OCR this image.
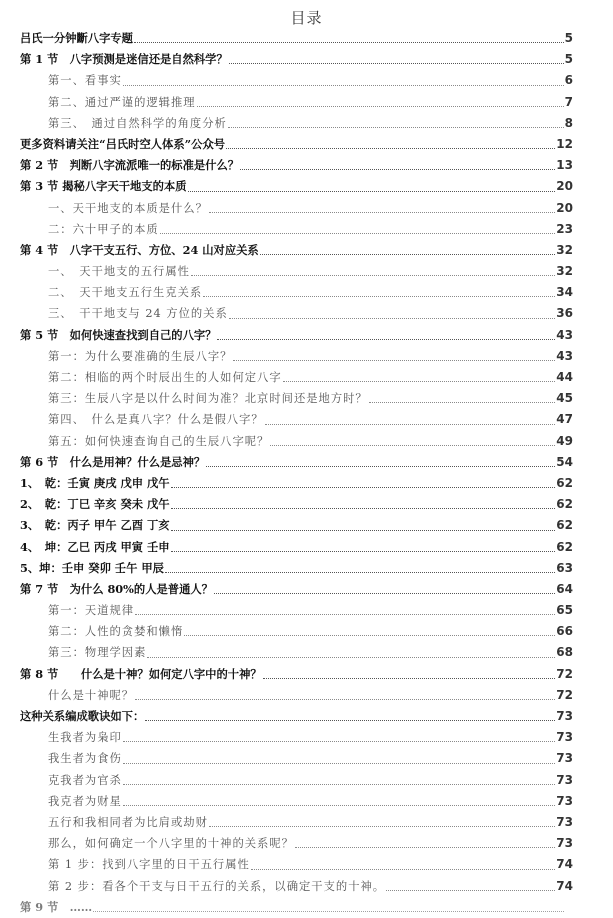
目录
吕氏一分钟斷八字专题	5
第 1 节　八字预测是迷信还是自然科学？	5
第一、看事实	6
第二、通过严谨的逻辑推理	7
第三、　通过自然科学的角度分析	8
更多资料请关注“吕氏时空人体系”公众号	12
第 2 节　判断八字流派唯一的标准是什么？	13
第 3 节 揭秘八字天干地支的本质	20
一、天干地支的本质是什么？	20
二：六十甲子的本质	23
第 4 节　八字干支五行、方位、24 山对应关系	32
一、　天干地支的五行属性	32
二、　天干地支五行生克关系	34
三、　干干地支与 24 方位的关系	36
第 5 节　如何快速查找到自己的八字？	43
第一：为什么要准确的生辰八字？	43
第二：相临的两个时辰出生的人如何定八字	44
第三：生辰八字是以什么时间为准？北京时间还是地方时？	45
第四、　什么是真八字？什么是假八字？	47
第五：如何快速查询自己的生辰八字呢？	49
第 6 节　什么是用神？什么是忌神？	54
1、　乾：壬寅 庚戌 戊申 戊午	62
2、　乾：丁巳 辛亥 癸未 戊午	62
3、　乾：丙子 甲午 乙酉 丁亥	62
4、　坤：乙巳 丙戌 甲寅 壬申	62
5、坤：壬申 癸卯 壬午 甲辰	63
第 7 节　为什么 80%的人是普通人？	64
第一：天道规律	65
第二：人性的贪婪和懒惰	66
第三：物理学因素	68
第 8 节　　什么是十神？如何定八字中的十神？	72
什么是十神呢？	72
这种关系编成歌诀如下：	73
生我者为枭印	73
我生者为食伤	73
克我者为官杀	73
我克者为财星	73
五行和我相同者为比肩或劫财	73
那么，如何确定一个八字里的十神的关系呢？	73
第 1 步：找到八字里的日干五行属性	74
第 2 步：看各个干支与日干五行的关系，以确定干支的十神。	74
第 9 节　……
